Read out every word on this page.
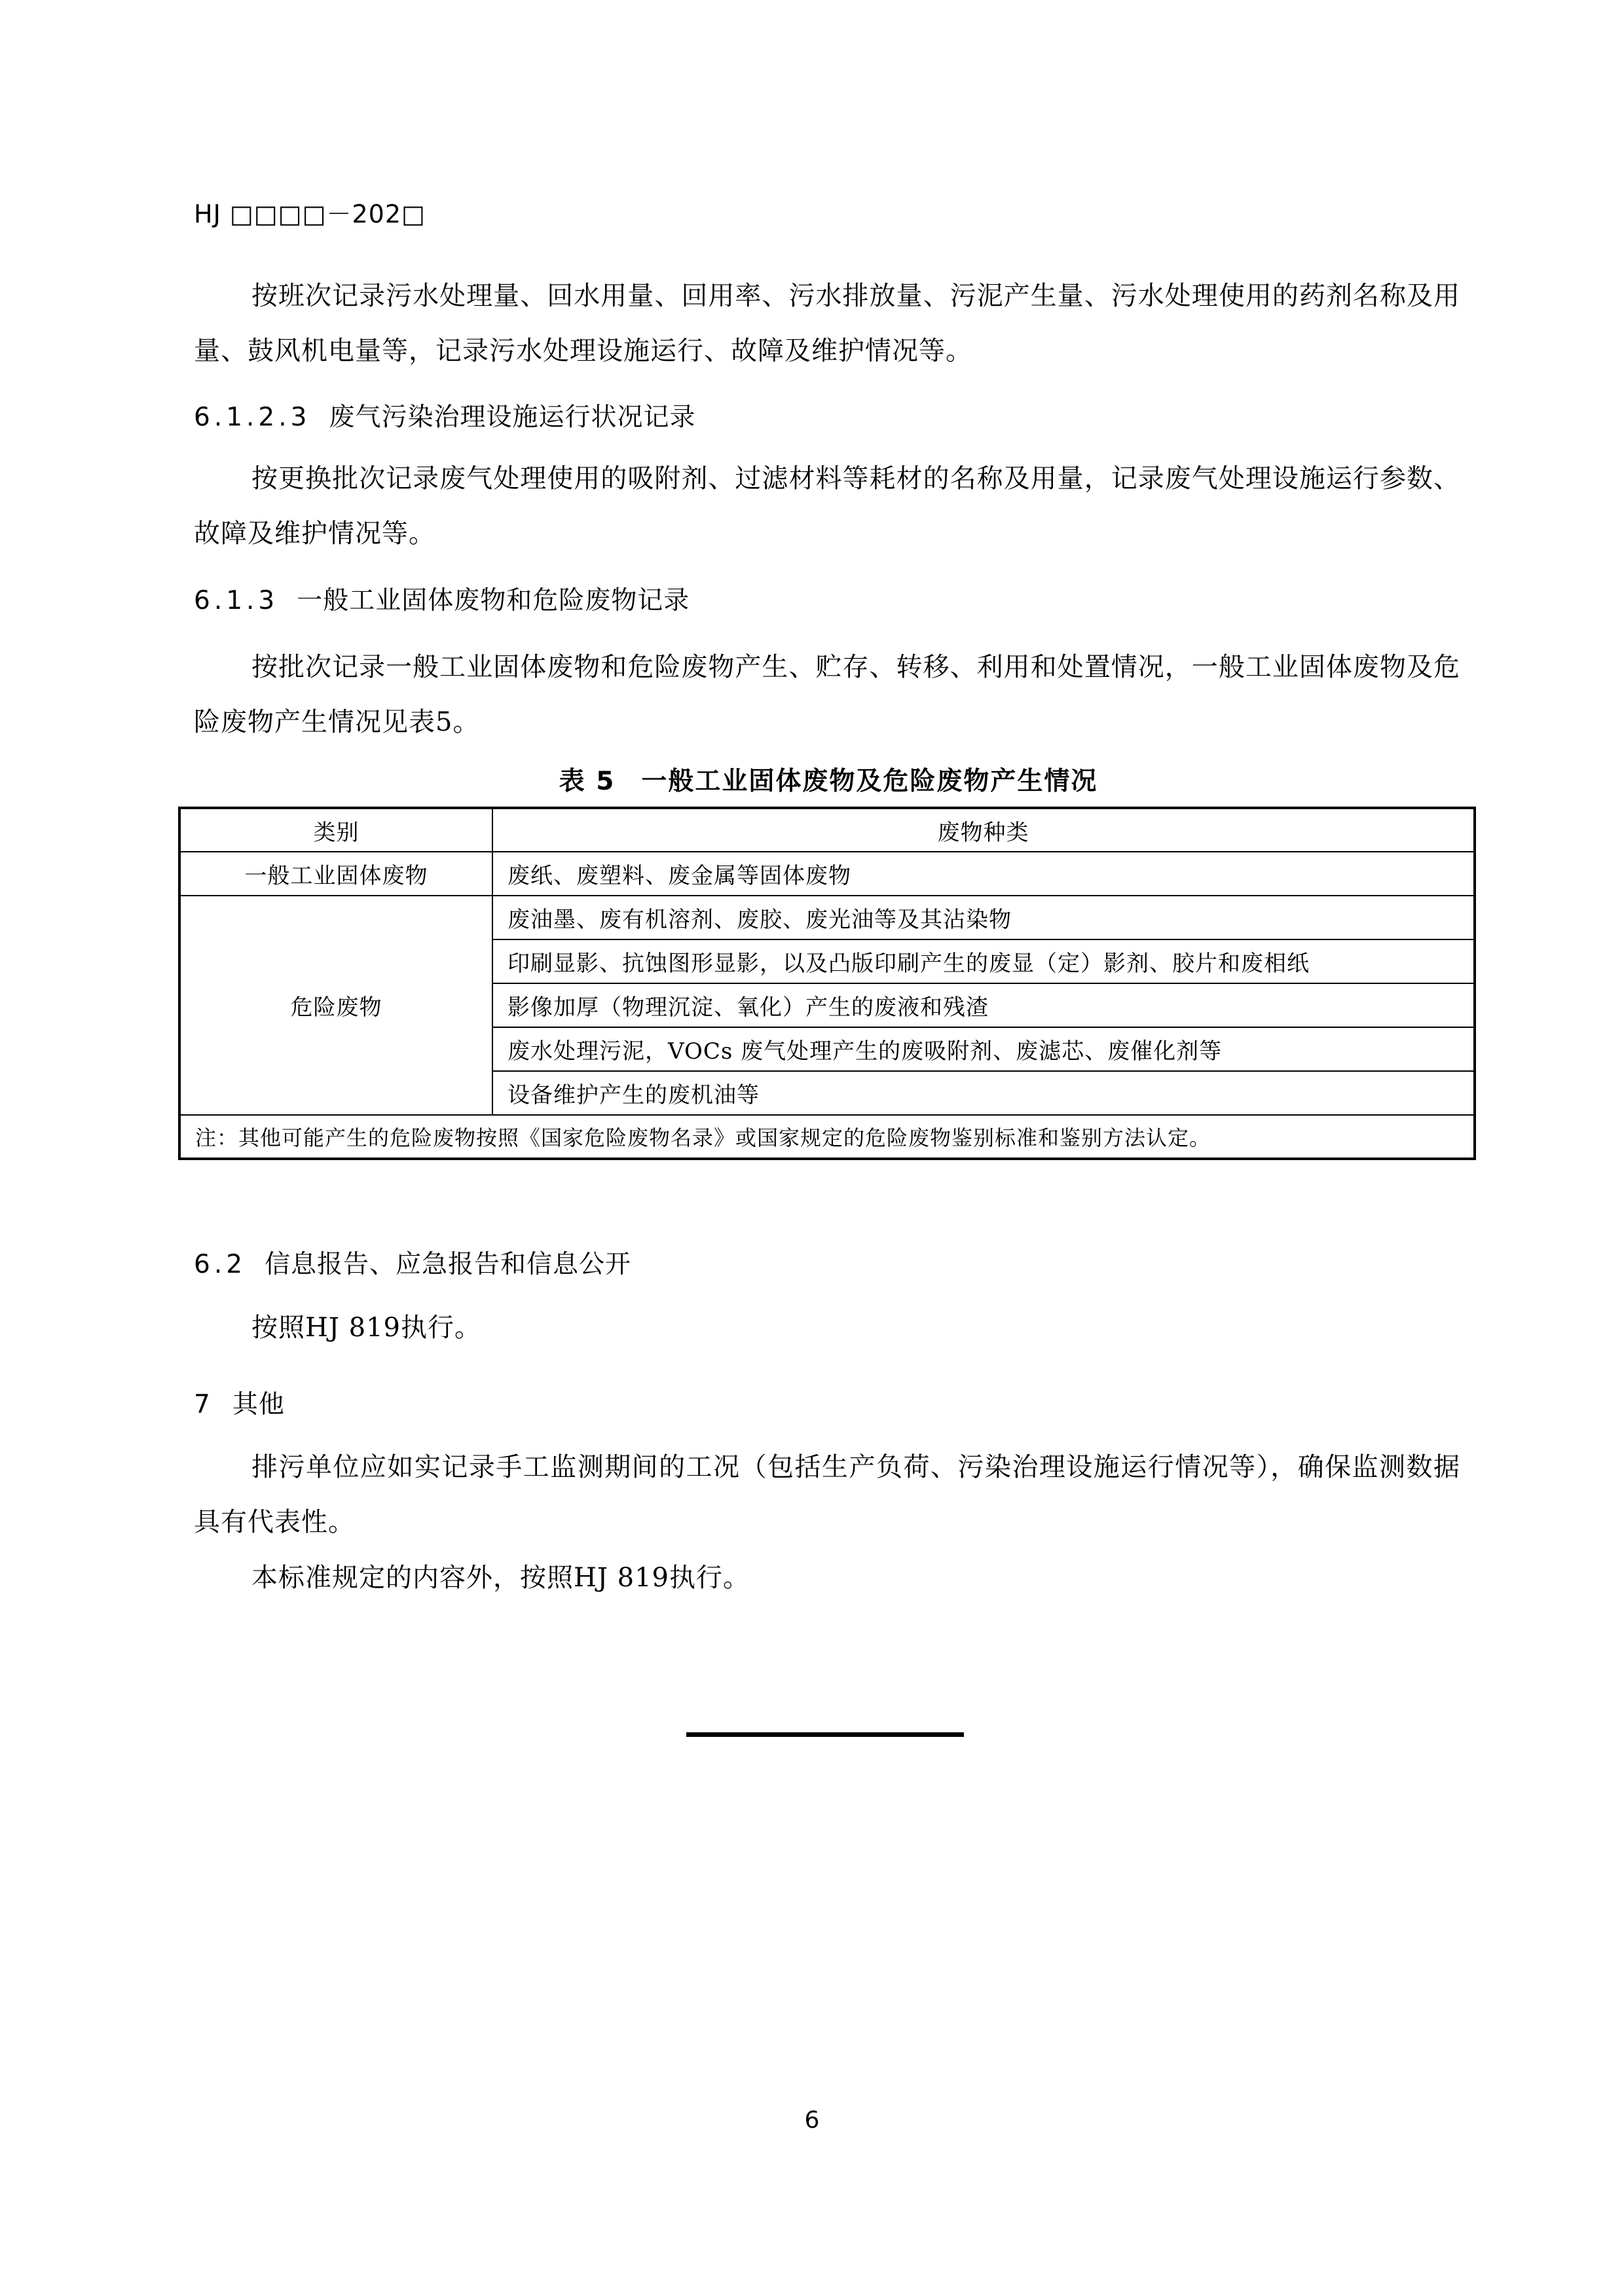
HJ □□□□－202□
按班次记录污水处理量、回水用量、回用率、污水排放量、污泥产生量、污水处理使用的药剂名称及用量、鼓风机电量等，记录污水处理设施运行、故障及维护情况等。
6.1.2.3 废气污染治理设施运行状况记录
按更换批次记录废气处理使用的吸附剂、过滤材料等耗材的名称及用量，记录废气处理设施运行参数、故障及维护情况等。
6.1.3 一般工业固体废物和危险废物记录
按批次记录一般工业固体废物和危险废物产生、贮存、转移、利用和处置情况，一般工业固体废物及危险废物产生情况见表5。
表 5 一般工业固体废物及危险废物产生情况
类别	废物种类
一般工业固体废物	废纸、废塑料、废金属等固体废物
危险废物	废油墨、废有机溶剂、废胶、废光油等及其沾染物
	印刷显影、抗蚀图形显影，以及凸版印刷产生的废显（定）影剂、胶片和废相纸
	影像加厚（物理沉淀、氧化）产生的废液和残渣
	废水处理污泥，VOCs 废气处理产生的废吸附剂、废滤芯、废催化剂等
	设备维护产生的废机油等
注：其他可能产生的危险废物按照《国家危险废物名录》或国家规定的危险废物鉴别标准和鉴别方法认定。	
6.2 信息报告、应急报告和信息公开
按照HJ 819执行。
7 其他
排污单位应如实记录手工监测期间的工况（包括生产负荷、污染治理设施运行情况等），确保监测数据具有代表性。
本标准规定的内容外，按照HJ 819执行。
6
